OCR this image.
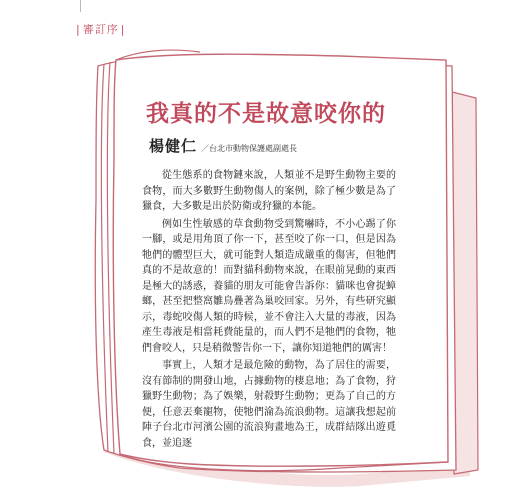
| 審訂序 |
我真的不是故意咬你的
楊健仁 ／台北市動物保護處副處長

從生態系的食物鏈來說，人類並不是野生動物主要的食物，而大多數野生動物傷人的案例，除了極少數是為了獵食，大多數是出於防衛或狩獵的本能。

例如生性敏感的草食動物受到驚嚇時，不小心踢了你一腳，或是用角頂了你一下，甚至咬了你一口，但是因為牠們的體型巨大，就可能對人類造成嚴重的傷害，但牠們真的不是故意的！而對貓科動物來說，在眼前晃動的東西是極大的誘惑，養貓的朋友可能會告訴你：貓咪也會捉蟑螂，甚至把整窩雛鳥疊著為巢咬回家。另外，有些研究顯示，毒蛇咬傷人類的時候，並不會注入大量的毒液，因為產生毒液是相當耗費能量的，而人們不是牠們的食物，牠們會咬人，只是稍微警告你一下，讓你知道牠們的厲害！

事實上，人類才是最危險的動物，為了居住的需要，沒有節制的開發山地，占據動物的棲息地；為了食物，狩獵野生動物；為了娛樂，射殺野生動物；更為了自己的方便，任意丟棄寵物，使牠們淪為流浪動物。這讓我想起前陣子台北市河濱公園的流浪狗畫地為王，成群結隊出遊覓食，並追逐
